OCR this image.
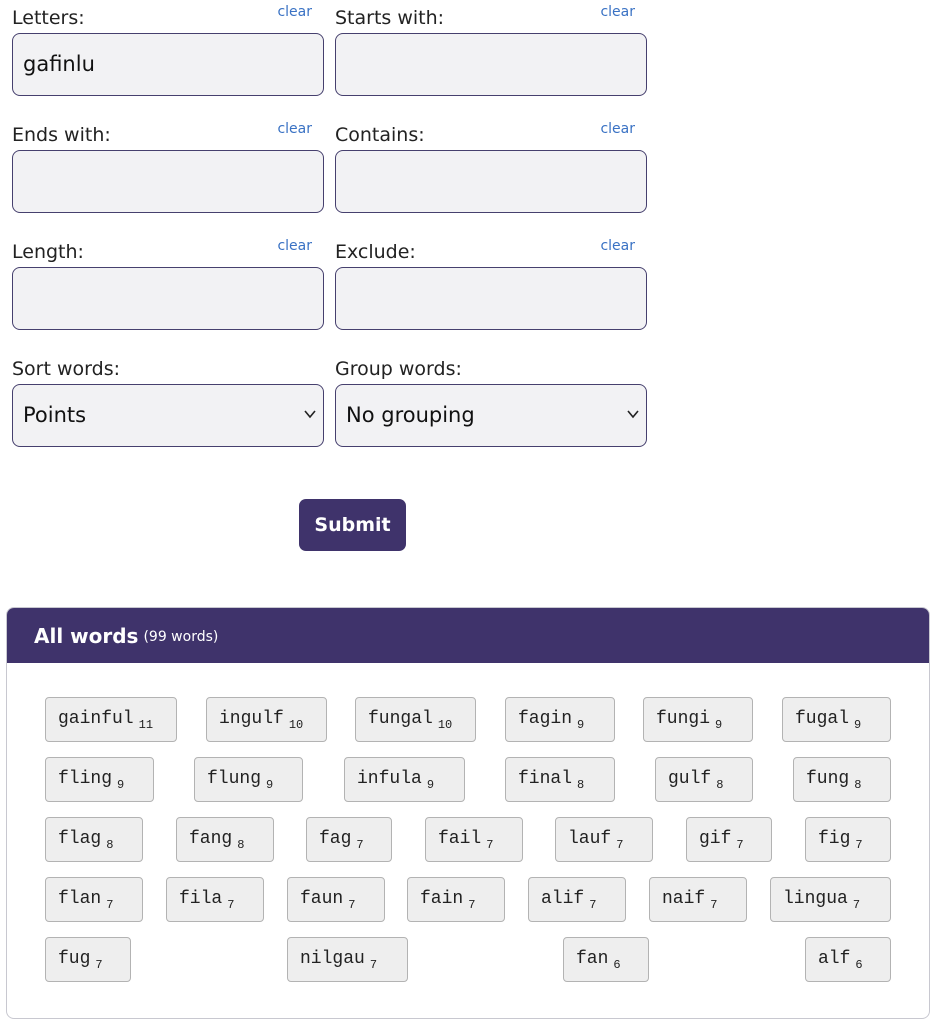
Letters:	clear
gafinlu
Starts with:	clear
Ends with:	clear Contains:	clear
Length:	clear Exclude:	clear
Sort words:
Points
Group words:
No grouping
Submit
All words (99 words)
gainful $_{11}$	ingulf $_{10}$	fungal $_{10}$	fagin $_9$	fungi $_9$	fugal $_9$
fling $_9$	flung $_9$	infula $_9$	final $_8$	gulf $_8$	fung $_8$
flag $_8$	fang $_8$	fag $_7$	fail $_7$	lauf $_7$	gif $_7$	fig $_7$
flan $_7$	fila $_7$	faun $_7$	fain $_7$	alif $_7$	naif $_7$	lingua $_7$
fug $_7$	nilgau $_7$	fan $_6$	alf $_6$
